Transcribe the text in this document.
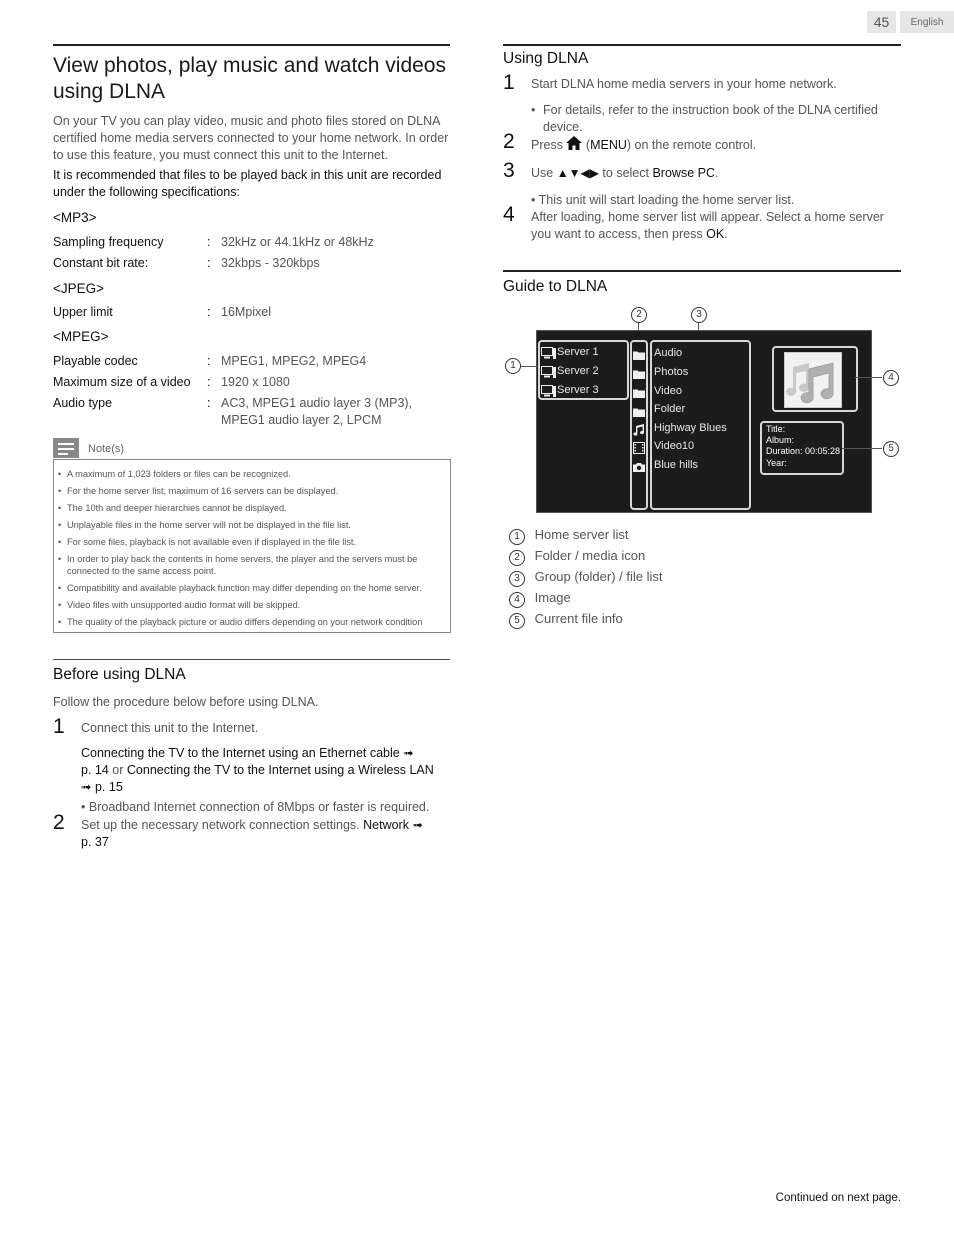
45	English
View photos, play music and watch videos
using DLNA
On your TV you can play video, music and photo files stored on DLNA certified home media servers connected to your home network. In order to use this feature, you must connect this unit to the Internet.
It is recommended that files to be played back in this unit are recorded under the following specifications:
<MP3>
Sampling frequency	:	32kHz or 44.1kHz or 48kHz
Constant bit rate:	:	32kbps - 320kbps
<JPEG>
Upper limit	:	16Mpixel
<MPEG>
Playable codec	:	MPEG1, MPEG2, MPEG4
Maximum size of a video	:	1920 x 1080
Audio type	:	AC3, MPEG1 audio layer 3 (MP3),
MPEG1 audio layer 2, LPCM
Note(s)
• A maximum of 1,023 folders or files can be recognized.
• For the home server list, maximum of 16 servers can be displayed.
• The 10th and deeper hierarchies cannot be displayed.
• Unplayable files in the home server will not be displayed in the file list.
• For some files, playback is not available even if displayed in the file list.
• In order to play back the contents in home servers, the player and the servers must be connected to the same access point.
• Compatibility and available playback function may differ depending on the home server.
• Video files with unsupported audio format will be skipped.
• The quality of the playback picture or audio differs depending on your network condition
Before using DLNA
Follow the procedure below before using DLNA.
1 Connect this unit to the Internet.
Connecting the TV to the Internet using an Ethernet cable ➟
p. 14 or Connecting the TV to the Internet using a Wireless LAN ➟ p. 15
• Broadband Internet connection of 8Mbps or faster is required.
2 Set up the necessary network connection settings. Network ➟
p. 37
Using DLNA
1 Start DLNA home media servers in your home network.
• For details, refer to the instruction book of the DLNA certified device.
2 Press (MENU) on the remote control.
3 Use ▲▼◀▶ to select Browse PC.
• This unit will start loading the home server list.
4 After loading, home server list will appear. Select a home server you want to access, then press OK.
Guide to DLNA
2	3
Server 1
Server 2
Server 3
Audio
Photos
Video
Folder
Highway Blues
Video10
Blue hills
Title:
Album:
Duration: 00:05:28
Year:
1
4
5
1 Home server list
2 Folder / media icon
3 Group (folder) / file list
4 Image
5 Current file info
Continued on next page.
